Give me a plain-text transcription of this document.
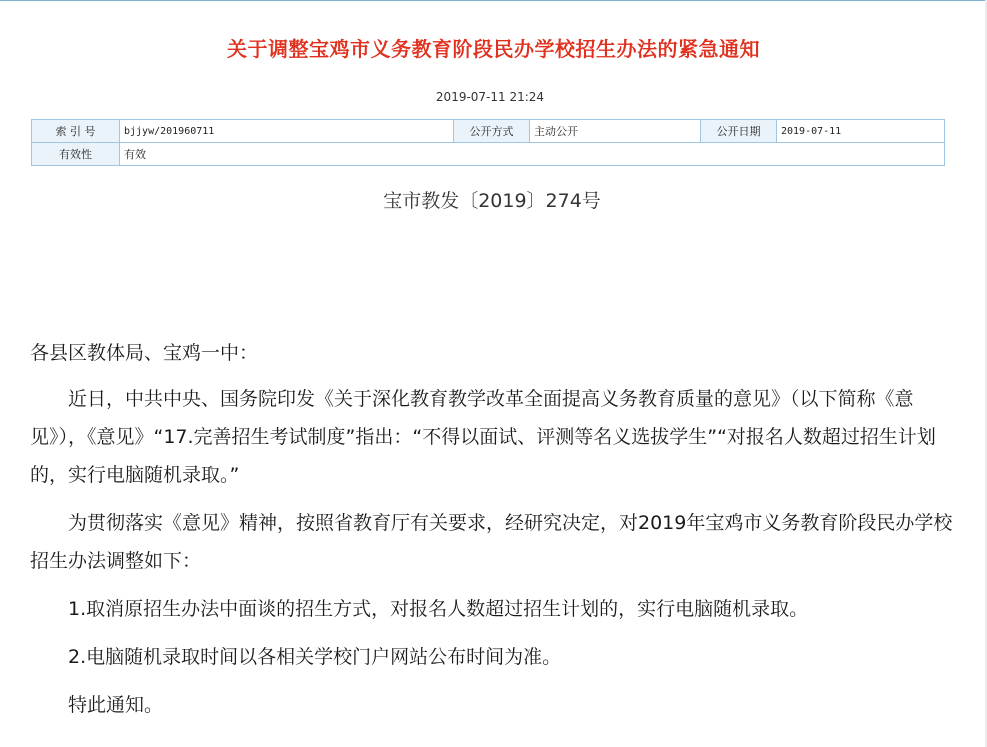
关于调整宝鸡市义务教育阶段民办学校招生办法的紧急通知
2019-07-11 21:24
索 引 号	bjjyw/201960711	公开方式	主动公开	公开日期	2019-07-11
有效性	有效				
宝市教发〔2019〕274号

各县区教体局、宝鸡一中：

近日，中共中央、国务院印发《关于深化教育教学改革全面提高义务教育质量的意见》（以下简称《意见》），《意见》“17.完善招生考试制度”指出：“不得以面试、评测等名义选拔学生”“对报名人数超过招生计划的，实行电脑随机录取。”

为贯彻落实《意见》精神，按照省教育厅有关要求，经研究决定，对2019年宝鸡市义务教育阶段民办学校招生办法调整如下：

1.取消原招生办法中面谈的招生方式，对报名人数超过招生计划的，实行电脑随机录取。

2.电脑随机录取时间以各相关学校门户网站公布时间为准。

特此通知。
